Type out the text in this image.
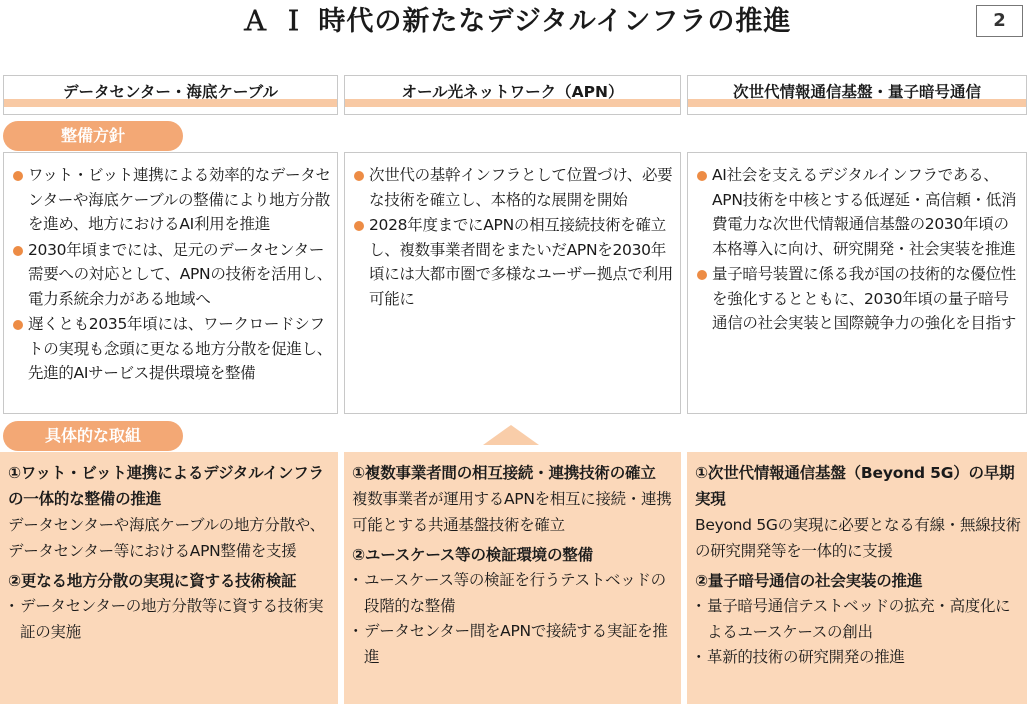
Ａ Ｉ 時代の新たなデジタルインフラの推進	2
データセンター・海底ケーブル	オール光ネットワーク（APN）	次世代情報通信基盤・量子暗号通信
整備方針
ワット・ビット連携による効率的なデータセンターや海底ケーブルの整備により地方分散を進め、地方におけるAI利用を推進
2030年頃までには、足元のデータセンター需要への対応として、APNの技術を活用し、電力系統余力がある地域へ
遅くとも2035年頃には、ワークロードシフトの実現も念頭に更なる地方分散を促進し、先進的AIサービス提供環境を整備
次世代の基幹インフラとして位置づけ、必要な技術を確立し、本格的な展開を開始
2028年度までにAPNの相互接続技術を確立し、複数事業者間をまたいだAPNを2030年頃には大都市圏で多様なユーザー拠点で利用可能に
AI社会を支えるデジタルインフラである、APN技術を中核とする低遅延・高信頼・低消費電力な次世代情報通信基盤の2030年頃の本格導入に向け、研究開発・社会実装を推進
量子暗号装置に係る我が国の技術的な優位性を強化するとともに、2030年頃の量子暗号通信の社会実装と国際競争力の強化を目指す
具体的な取組
①ワット・ビット連携によるデジタルインフラの一体的な整備の推進
データセンターや海底ケーブルの地方分散や、データセンター等におけるAPN整備を支援
②更なる地方分散の実現に資する技術検証
・ データセンターの地方分散等に資する技術実証の実施
①複数事業者間の相互接続・連携技術の確立
複数事業者が運用するAPNを相互に接続・連携可能とする共通基盤技術を確立
②ユースケース等の検証環境の整備
・ ユースケース等の検証を行うテストベッドの段階的な整備
・ データセンター間をAPNで接続する実証を推進
①次世代情報通信基盤（Beyond 5G）の早期実現
Beyond 5Gの実現に必要となる有線・無線技術の研究開発等を一体的に支援
②量子暗号通信の社会実装の推進
・ 量子暗号通信テストベッドの拡充・高度化によるユースケースの創出
・ 革新的技術の研究開発の推進
